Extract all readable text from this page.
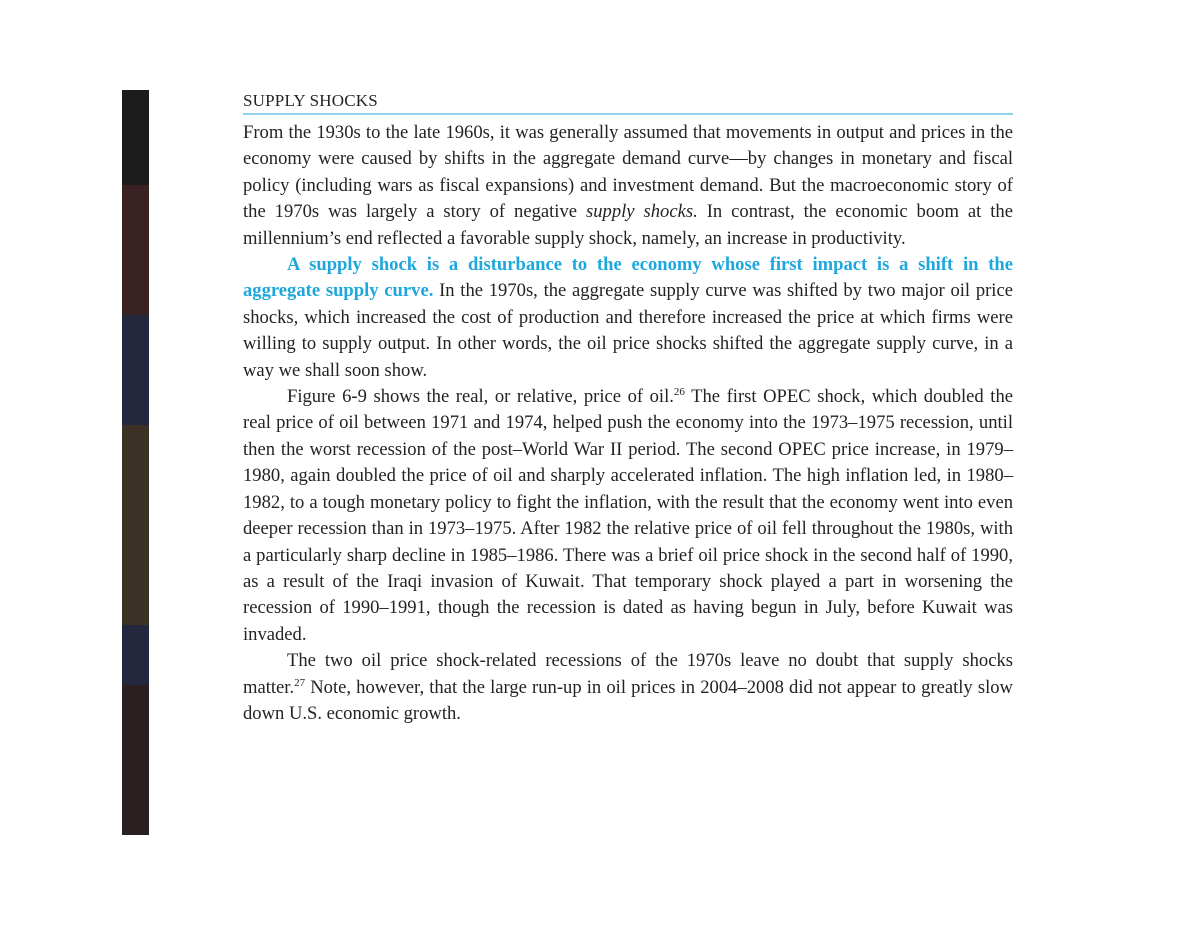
SUPPLY SHOCKS

From the 1930s to the late 1960s, it was generally assumed that movements in output and prices in the economy were caused by shifts in the aggregate demand curve—by changes in monetary and fiscal policy (including wars as fiscal expansions) and investment demand. But the macroeconomic story of the 1970s was largely a story of negative supply shocks. In contrast, the economic boom at the millennium’s end reflected a favorable supply shock, namely, an increase in productivity.

A supply shock is a disturbance to the economy whose first impact is a shift in the aggregate supply curve. In the 1970s, the aggregate supply curve was shifted by two major oil price shocks, which increased the cost of production and therefore increased the price at which firms were willing to supply output. In other words, the oil price shocks shifted the aggregate supply curve, in a way we shall soon show.

Figure 6-9 shows the real, or relative, price of oil.$^{26}$ The first OPEC shock, which doubled the real price of oil between 1971 and 1974, helped push the economy into the 1973–1975 recession, until then the worst recession of the post–World War II period. The second OPEC price increase, in 1979–1980, again doubled the price of oil and sharply accelerated inflation. The high inflation led, in 1980–1982, to a tough monetary policy to fight the inflation, with the result that the economy went into even deeper recession than in 1973–1975. After 1982 the relative price of oil fell throughout the 1980s, with a particularly sharp decline in 1985–1986. There was a brief oil price shock in the second half of 1990, as a result of the Iraqi invasion of Kuwait. That temporary shock played a part in worsening the recession of 1990–1991, though the recession is dated as having begun in July, before Kuwait was invaded.

The two oil price shock-related recessions of the 1970s leave no doubt that supply shocks matter.$^{27}$ Note, however, that the large run-up in oil prices in 2004–2008 did not appear to greatly slow down U.S. economic growth.
